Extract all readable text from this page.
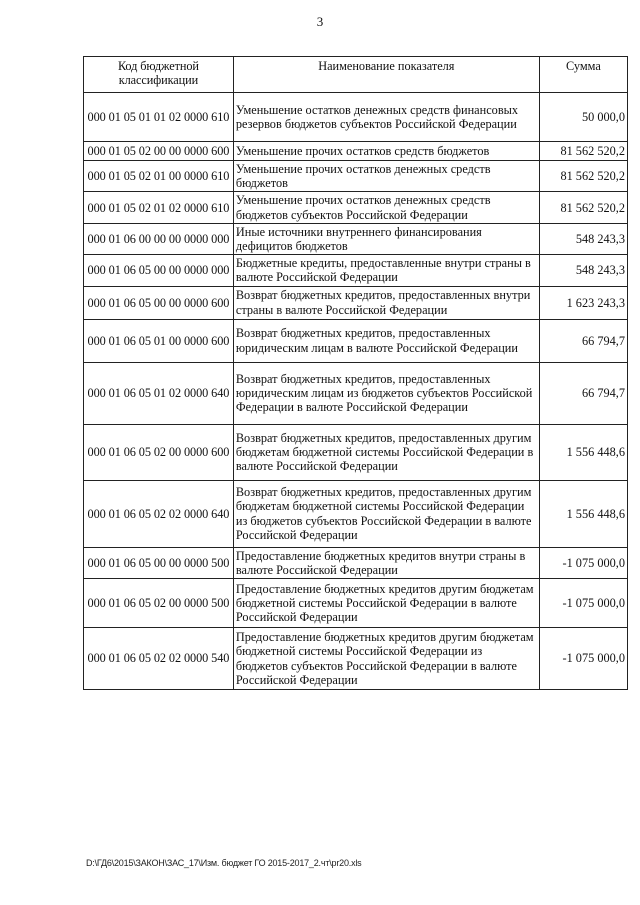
3
Код бюджетной классификации	Наименование показателя	Сумма
000 01 05 01 01 02 0000 610	Уменьшение остатков денежных средств финансовых резервов бюджетов субъектов Российской Федерации	50 000,0
000 01 05 02 00 00 0000 600	Уменьшение прочих остатков средств бюджетов	81 562 520,2
000 01 05 02 01 00 0000 610	Уменьшение прочих остатков денежных средств бюджетов	81 562 520,2
000 01 05 02 01 02 0000 610	Уменьшение прочих остатков денежных средств бюджетов субъектов Российской Федерации	81 562 520,2
000 01 06 00 00 00 0000 000	Иные источники внутреннего финансирования дефицитов бюджетов	548 243,3
000 01 06 05 00 00 0000 000	Бюджетные кредиты, предоставленные внутри страны в валюте Российской Федерации	548 243,3
000 01 06 05 00 00 0000 600	Возврат бюджетных кредитов, предоставленных внутри страны в валюте Российской Федерации	1 623 243,3
000 01 06 05 01 00 0000 600	Возврат бюджетных кредитов, предоставленных юридическим лицам в валюте Российской Федерации	66 794,7
000 01 06 05 01 02 0000 640	Возврат бюджетных кредитов, предоставленных юридическим лицам из бюджетов субъектов Российской Федерации в валюте Российской Федерации	66 794,7
000 01 06 05 02 00 0000 600	Возврат бюджетных кредитов, предоставленных другим бюджетам бюджетной системы Российской Федерации в валюте Российской Федерации	1 556 448,6
000 01 06 05 02 02 0000 640	Возврат бюджетных кредитов, предоставленных другим бюджетам бюджетной системы Российской Федерации из бюджетов субъектов Российской Федерации в валюте Российской Федерации	1 556 448,6
000 01 06 05 00 00 0000 500	Предоставление бюджетных кредитов внутри страны в валюте Российской Федерации	-1 075 000,0
000 01 06 05 02 00 0000 500	Предоставление бюджетных кредитов другим бюджетам бюджетной системы Российской Федерации в валюте Российской Федерации	-1 075 000,0
000 01 06 05 02 02 0000 540	Предоставление бюджетных кредитов другим бюджетам бюджетной системы Российской Федерации из бюджетов субъектов Российской Федерации в валюте Российской Федерации	-1 075 000,0
D:\ГД6\2015\ЗАКОН\ЗАС_17\Изм. бюджет ГО 2015-2017_2.чт\pr20.xls
